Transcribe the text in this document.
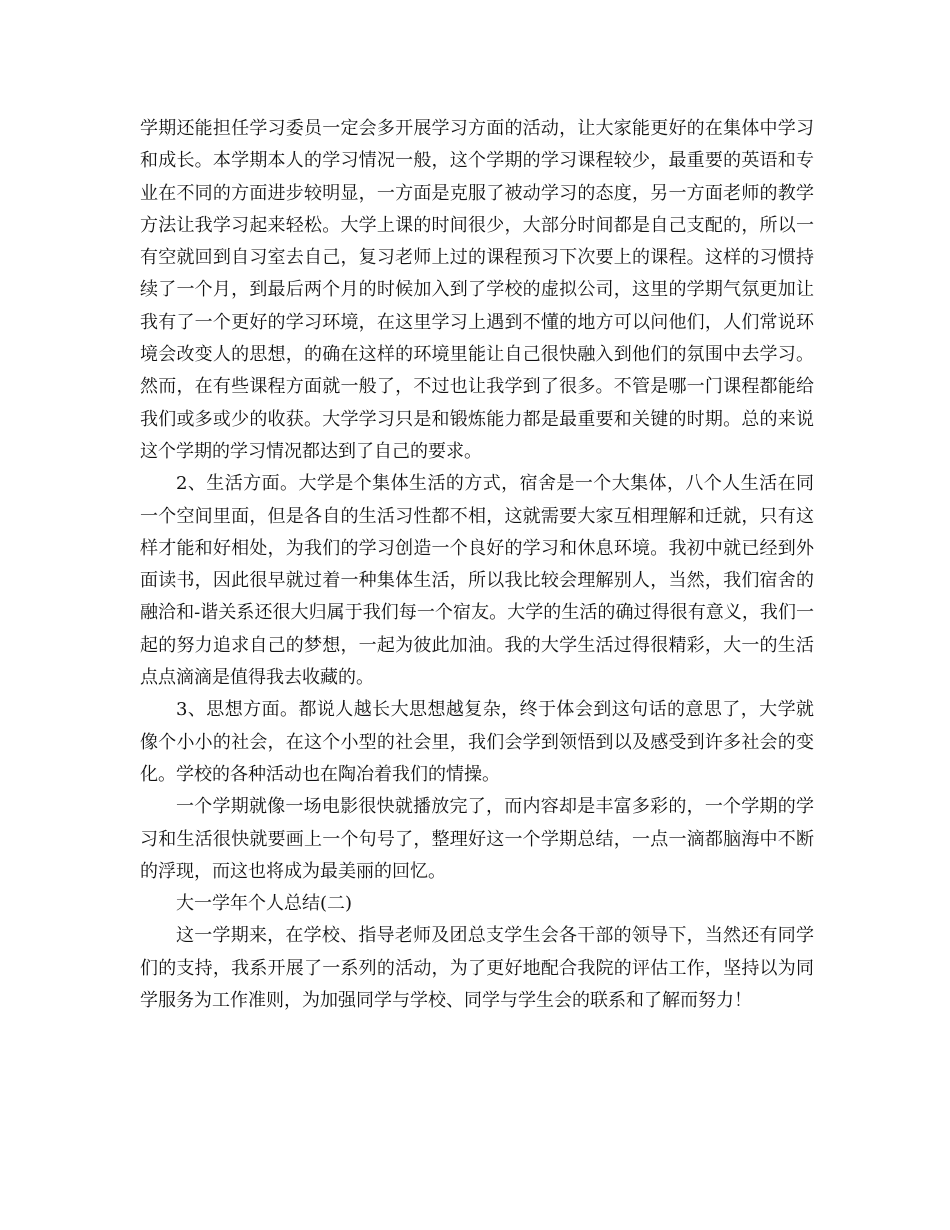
学期还能担任学习委员一定会多开展学习方面的活动，让大家能更好的在集体中学习和成长。本学期本人的学习情况一般，这个学期的学习课程较少，最重要的英语和专业在不同的方面进步较明显，一方面是克服了被动学习的态度，另一方面老师的教学方法让我学习起来轻松。大学上课的时间很少，大部分时间都是自己支配的，所以一有空就回到自习室去自己，复习老师上过的课程预习下次要上的课程。这样的习惯持续了一个月，到最后两个月的时候加入到了学校的虚拟公司，这里的学期气氛更加让我有了一个更好的学习环境，在这里学习上遇到不懂的地方可以问他们，人们常说环境会改变人的思想，的确在这样的环境里能让自己很快融入到他们的氛围中去学习。然而，在有些课程方面就一般了，不过也让我学到了很多。不管是哪一门课程都能给我们或多或少的收获。大学学习只是和锻炼能力都是最重要和关键的时期。总的来说这个学期的学习情况都达到了自己的要求。

2、生活方面。大学是个集体生活的方式，宿舍是一个大集体，八个人生活在同一个空间里面，但是各自的生活习性都不相，这就需要大家互相理解和迁就，只有这样才能和好相处，为我们的学习创造一个良好的学习和休息环境。我初中就已经到外面读书，因此很早就过着一种集体生活，所以我比较会理解别人，当然，我们宿舍的融洽和-谐关系还很大归属于我们每一个宿友。大学的生活的确过得很有意义，我们一起的努力追求自己的梦想，一起为彼此加油。我的大学生活过得很精彩，大一的生活点点滴滴是值得我去收藏的。

3、思想方面。都说人越长大思想越复杂，终于体会到这句话的意思了，大学就像个小小的社会，在这个小型的社会里，我们会学到领悟到以及感受到许多社会的变化。学校的各种活动也在陶冶着我们的情操。

一个学期就像一场电影很快就播放完了，而内容却是丰富多彩的，一个学期的学习和生活很快就要画上一个句号了，整理好这一个学期总结，一点一滴都脑海中不断的浮现，而这也将成为最美丽的回忆。

大一学年个人总结(二)

这一学期来，在学校、指导老师及团总支学生会各干部的领导下，当然还有同学们的支持，我系开展了一系列的活动，为了更好地配合我院的评估工作，坚持以为同学服务为工作准则，为加强同学与学校、同学与学生会的联系和了解而努力！
